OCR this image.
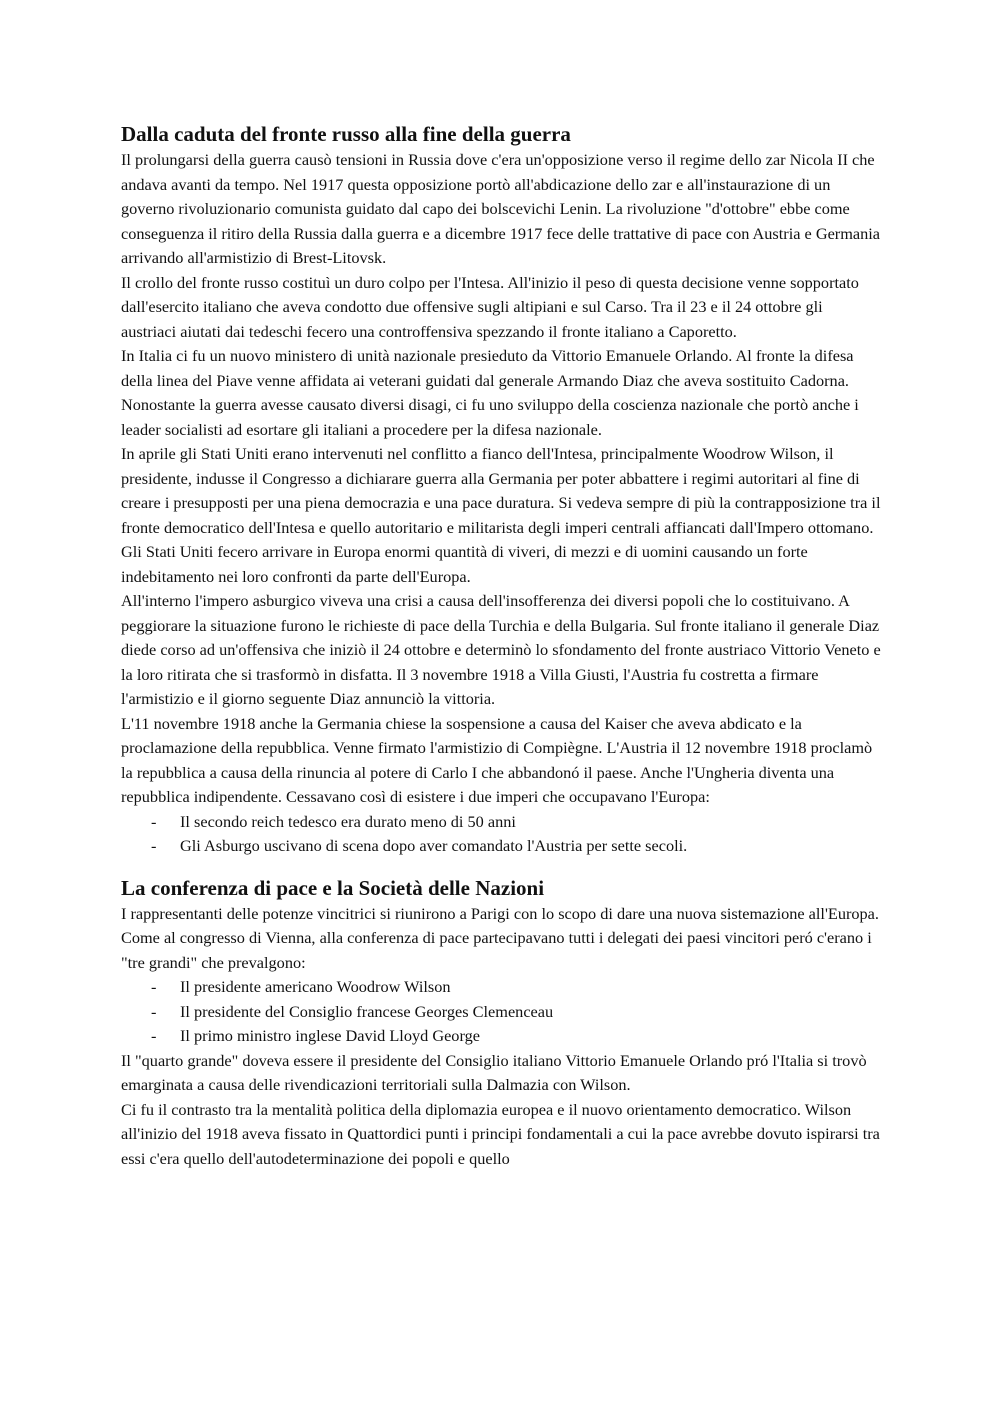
Dalla caduta del fronte russo alla fine della guerra

Il prolungarsi della guerra causò tensioni in Russia dove c'era un'opposizione verso il regime dello zar Nicola II che andava avanti da tempo. Nel 1917 questa opposizione portò all'abdicazione dello zar e all'instaurazione di un governo rivoluzionario comunista guidato dal capo dei bolscevichi Lenin. La rivoluzione "d'ottobre" ebbe come conseguenza il ritiro della Russia dalla guerra e a dicembre 1917 fece delle trattative di pace con Austria e Germania arrivando all'armistizio di Brest-Litovsk.

Il crollo del fronte russo costituì un duro colpo per l'Intesa. All'inizio il peso di questa decisione venne sopportato dall'esercito italiano che aveva condotto due offensive sugli altipiani e sul Carso. Tra il 23 e il 24 ottobre gli austriaci aiutati dai tedeschi fecero una controffensiva spezzando il fronte italiano a Caporetto.

In Italia ci fu un nuovo ministero di unità nazionale presieduto da Vittorio Emanuele Orlando. Al fronte la difesa della linea del Piave venne affidata ai veterani guidati dal generale Armando Diaz che aveva sostituito Cadorna. Nonostante la guerra avesse causato diversi disagi, ci fu uno sviluppo della coscienza nazionale che portò anche i leader socialisti ad esortare gli italiani a procedere per la difesa nazionale.

In aprile gli Stati Uniti erano intervenuti nel conflitto a fianco dell'Intesa, principalmente Woodrow Wilson, il presidente, indusse il Congresso a dichiarare guerra alla Germania per poter abbattere i regimi autoritari al fine di creare i presupposti per una piena democrazia e una pace duratura. Si vedeva sempre di più la contrapposizione tra il fronte democratico dell'Intesa e quello autoritario e militarista degli imperi centrali affiancati dall'Impero ottomano. Gli Stati Uniti fecero arrivare in Europa enormi quantità di viveri, di mezzi e di uomini causando un forte indebitamento nei loro confronti da parte dell'Europa.

All'interno l'impero asburgico viveva una crisi a causa dell'insofferenza dei diversi popoli che lo costituivano. A peggiorare la situazione furono le richieste di pace della Turchia e della Bulgaria. Sul fronte italiano il generale Diaz diede corso ad un'offensiva che iniziò il 24 ottobre e determinò lo sfondamento del fronte austriaco Vittorio Veneto e la loro ritirata che si trasformò in disfatta. Il 3 novembre 1918 a Villa Giusti, l'Austria fu costretta a firmare l'armistizio e il giorno seguente Diaz annunciò la vittoria.

L'11 novembre 1918 anche la Germania chiese la sospensione a causa del Kaiser che aveva abdicato e la proclamazione della repubblica. Venne firmato l'armistizio di Compiègne. L'Austria il 12 novembre 1918 proclamò la repubblica a causa della rinuncia al potere di Carlo I che abbandonó il paese. Anche l'Ungheria diventa una repubblica indipendente. Cessavano così di esistere i due imperi che occupavano l'Europa:

- Il secondo reich tedesco era durato meno di 50 anni
- Gli Asburgo uscivano di scena dopo aver comandato l'Austria per sette secoli.
La conferenza di pace e la Società delle Nazioni

I rappresentanti delle potenze vincitrici si riunirono a Parigi con lo scopo di dare una nuova sistemazione all'Europa. Come al congresso di Vienna, alla conferenza di pace partecipavano tutti i delegati dei paesi vincitori peró c'erano i "tre grandi" che prevalgono:

- Il presidente americano Woodrow Wilson
- Il presidente del Consiglio francese Georges Clemenceau
- Il primo ministro inglese David Lloyd George

Il "quarto grande" doveva essere il presidente del Consiglio italiano Vittorio Emanuele Orlando pró l'Italia si trovò emarginata a causa delle rivendicazioni territoriali sulla Dalmazia con Wilson.

Ci fu il contrasto tra la mentalità politica della diplomazia europea e il nuovo orientamento democratico. Wilson all'inizio del 1918 aveva fissato in Quattordici punti i principi fondamentali a cui la pace avrebbe dovuto ispirarsi tra essi c'era quello dell'autodeterminazione dei popoli e quello
